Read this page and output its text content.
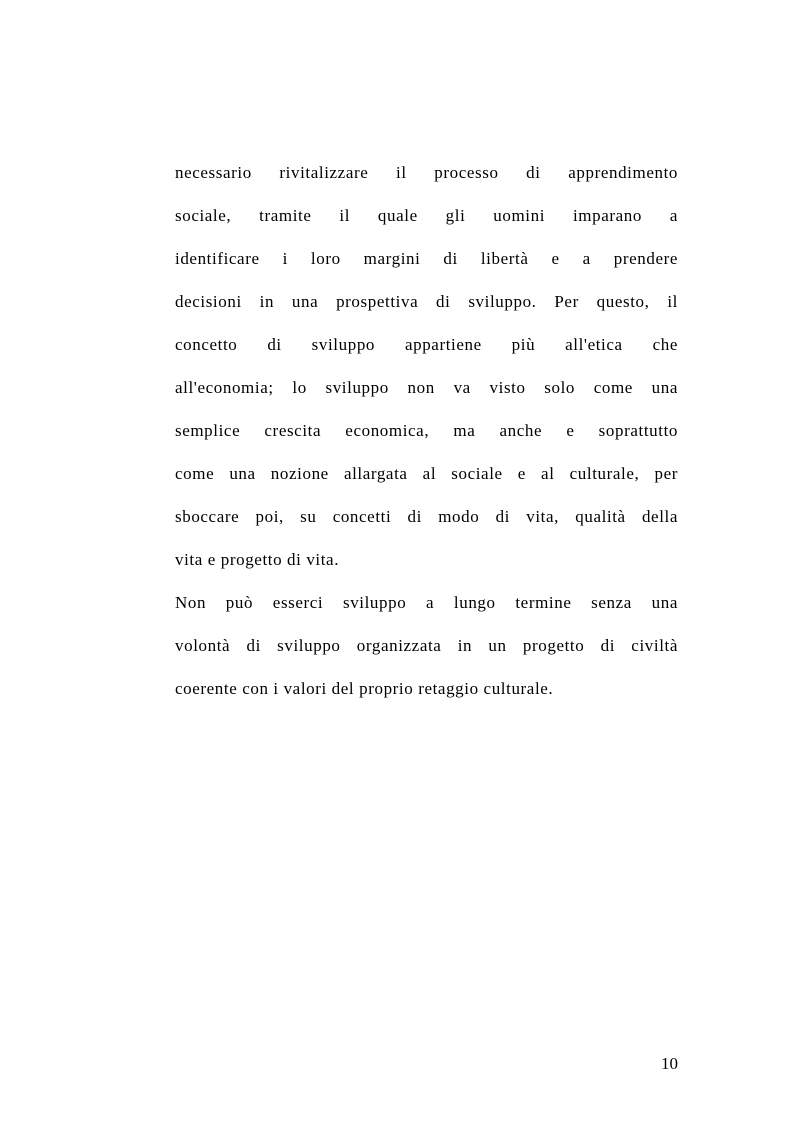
necessario rivitalizzare il processo di apprendimento
sociale, tramite il quale gli uomini imparano a
identificare i loro margini di libertà e a prendere
decisioni in una prospettiva di sviluppo. Per questo, il
concetto di sviluppo appartiene più all'etica che
all'economia; lo sviluppo non va visto solo come una
semplice crescita economica, ma anche e soprattutto
come una nozione allargata al sociale e al culturale, per
sboccare poi, su concetti di modo di vita, qualità della
vita e progetto di vita.
Non può esserci sviluppo a lungo termine senza una
volontà di sviluppo organizzata in un progetto di civiltà
coerente con i valori del proprio retaggio culturale.
10
